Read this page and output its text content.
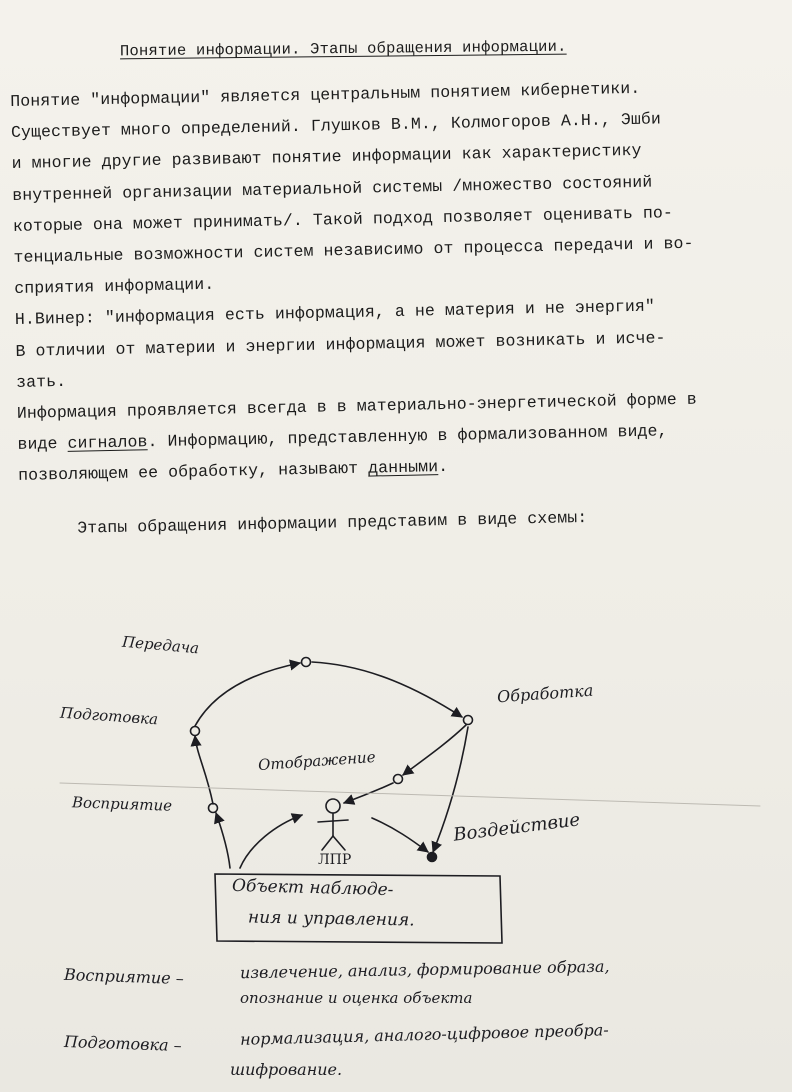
Понятие информации. Этапы обращения информации.
Понятие "информации" является центральным понятием кибернетики.
Существует много определений. Глушков В.М., Колмогоров А.Н., Эшби
и многие другие развивают понятие информации как характеристику
внутренней организации материальной системы /множество состояний
которые она может принимать/. Такой подход позволяет оценивать по-
тенциальные возможности систем независимо от процесса передачи и во-
сприятия информации.
Н.Винер: "информация есть информация, а не материя и не энергия"
В отличии от материи и энергии информация может возникать и исче-
зать.
Информация проявляется всегда в в материально-энергетической форме в
виде сигналов. Информацию, представленную в формализованном виде,
позволяющем ее обработку, называют данными.
Этапы обращения информации представим в виде схемы:
Передача
Обработка
Подготовка
Отображение
Восприятие
Воздействие
ЛПР
Объект наблюде-
ния и управления.
Восприятие –	извлечение, анализ, формирование образа,
опознание и оценка объекта
Подготовка –	нормализация, аналого-цифровое преобра-
шифрование.
